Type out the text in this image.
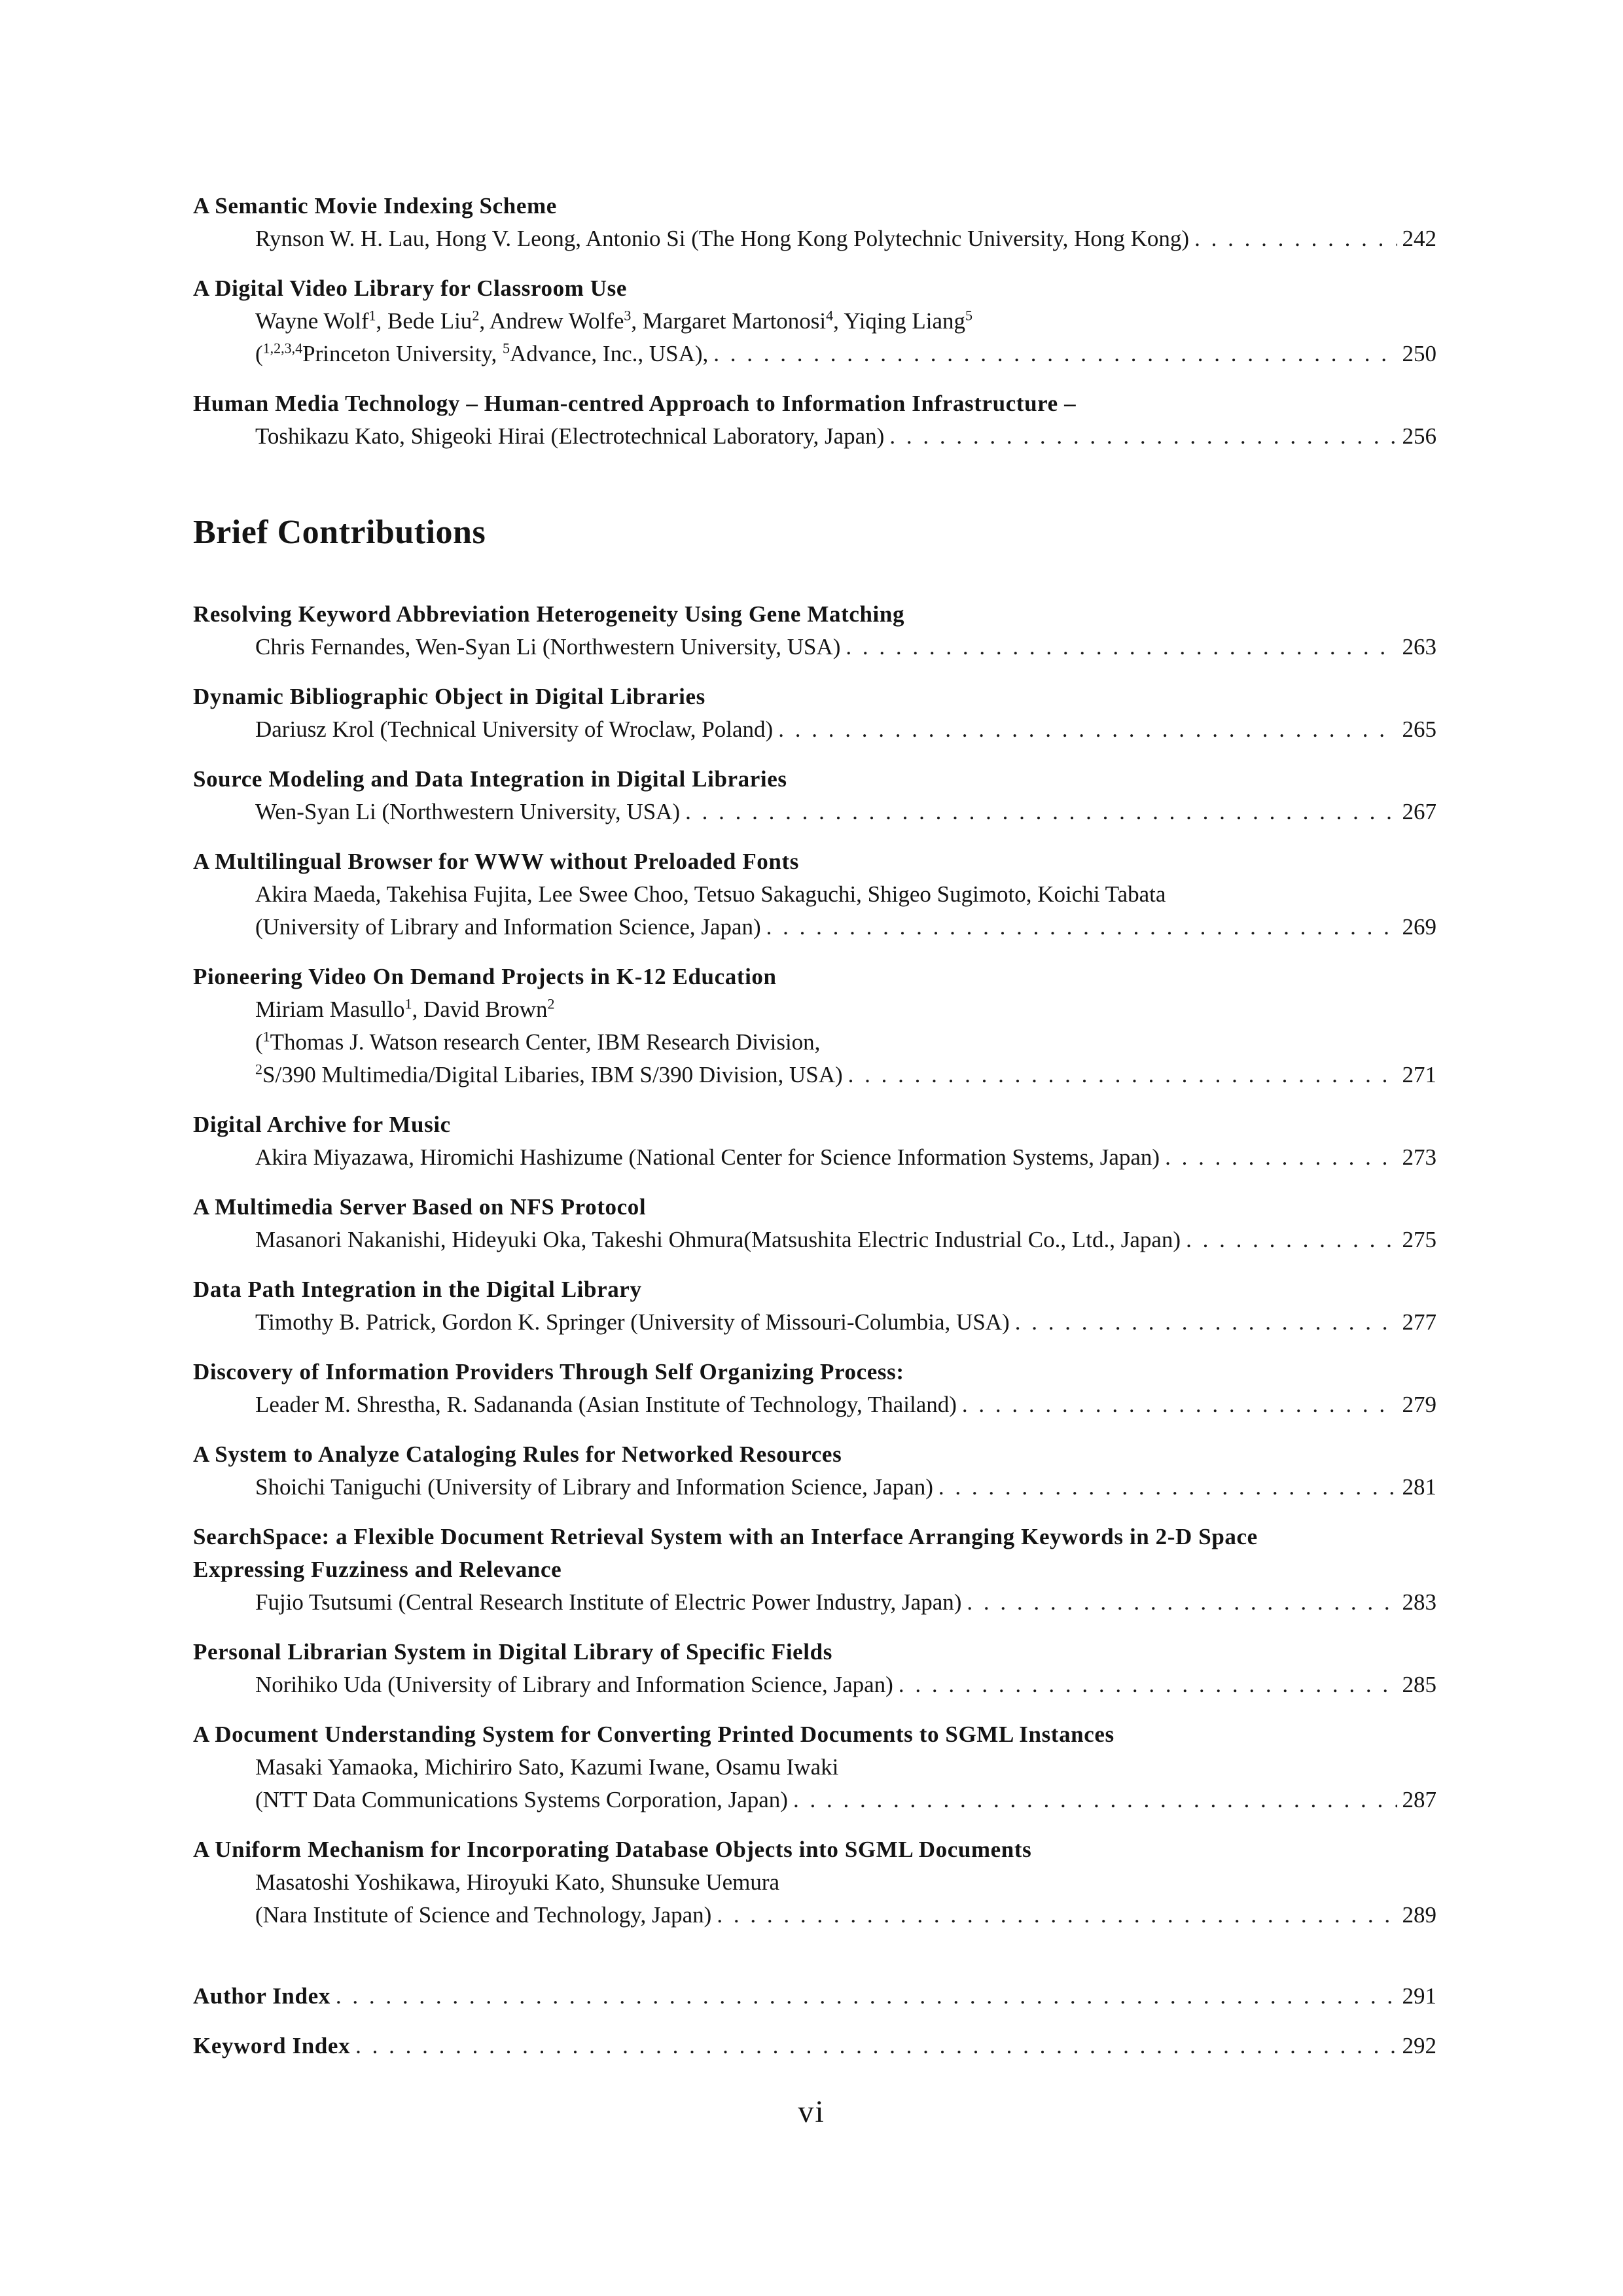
A Semantic Movie Indexing Scheme
Rynson W. H. Lau, Hong V. Leong, Antonio Si (The Hong Kong Polytechnic University, Hong Kong) . . .	242
A Digital Video Library for Classroom Use
Wayne Wolf$^1$, Bede Liu$^2$, Andrew Wolfe$^3$, Margaret Martonosi$^4$, Yiqing Liang$^5$
($^{1,2,3,4}$Princeton University, $^5$Advance, Inc., USA), . . .	250
Human Media Technology – Human-centred Approach to Information Infrastructure –
Toshikazu Kato, Shigeoki Hirai (Electrotechnical Laboratory, Japan) . . .	256
Brief Contributions
Resolving Keyword Abbreviation Heterogeneity Using Gene Matching
Chris Fernandes, Wen-Syan Li (Northwestern University, USA) . . .	263
Dynamic Bibliographic Object in Digital Libraries
Dariusz Krol (Technical University of Wroclaw, Poland) . . .	265
Source Modeling and Data Integration in Digital Libraries
Wen-Syan Li (Northwestern University, USA) . . .	267
A Multilingual Browser for WWW without Preloaded Fonts
Akira Maeda, Takehisa Fujita, Lee Swee Choo, Tetsuo Sakaguchi, Shigeo Sugimoto, Koichi Tabata
(University of Library and Information Science, Japan) . . .	269
Pioneering Video On Demand Projects in K-12 Education
Miriam Masullo$^1$, David Brown$^2$
($^1$Thomas J. Watson research Center, IBM Research Division,
$^2$S/390 Multimedia/Digital Libaries, IBM S/390 Division, USA) . . .	271
Digital Archive for Music
Akira Miyazawa, Hiromichi Hashizume (National Center for Science Information Systems, Japan) . . .	273
A Multimedia Server Based on NFS Protocol
Masanori Nakanishi, Hideyuki Oka, Takeshi Ohmura(Matsushita Electric Industrial Co., Ltd., Japan) . . .	275
Data Path Integration in the Digital Library
Timothy B. Patrick, Gordon K. Springer (University of Missouri-Columbia, USA) . . .	277
Discovery of Information Providers Through Self Organizing Process:
Leader M. Shrestha, R. Sadananda (Asian Institute of Technology, Thailand) . . .	279
A System to Analyze Cataloging Rules for Networked Resources
Shoichi Taniguchi (University of Library and Information Science, Japan) . . .	281
SearchSpace: a Flexible Document Retrieval System with an Interface Arranging Keywords in 2-D Space
Expressing Fuzziness and Relevance
Fujio Tsutsumi (Central Research Institute of Electric Power Industry, Japan) . . .	283
Personal Librarian System in Digital Library of Specific Fields
Norihiko Uda (University of Library and Information Science, Japan) . . .	285
A Document Understanding System for Converting Printed Documents to SGML Instances
Masaki Yamaoka, Michiriro Sato, Kazumi Iwane, Osamu Iwaki
(NTT Data Communications Systems Corporation, Japan) . . .	287
A Uniform Mechanism for Incorporating Database Objects into SGML Documents
Masatoshi Yoshikawa, Hiroyuki Kato, Shunsuke Uemura
(Nara Institute of Science and Technology, Japan) . . .	289
Author Index . . .	291
Keyword Index . . .	292
vi
